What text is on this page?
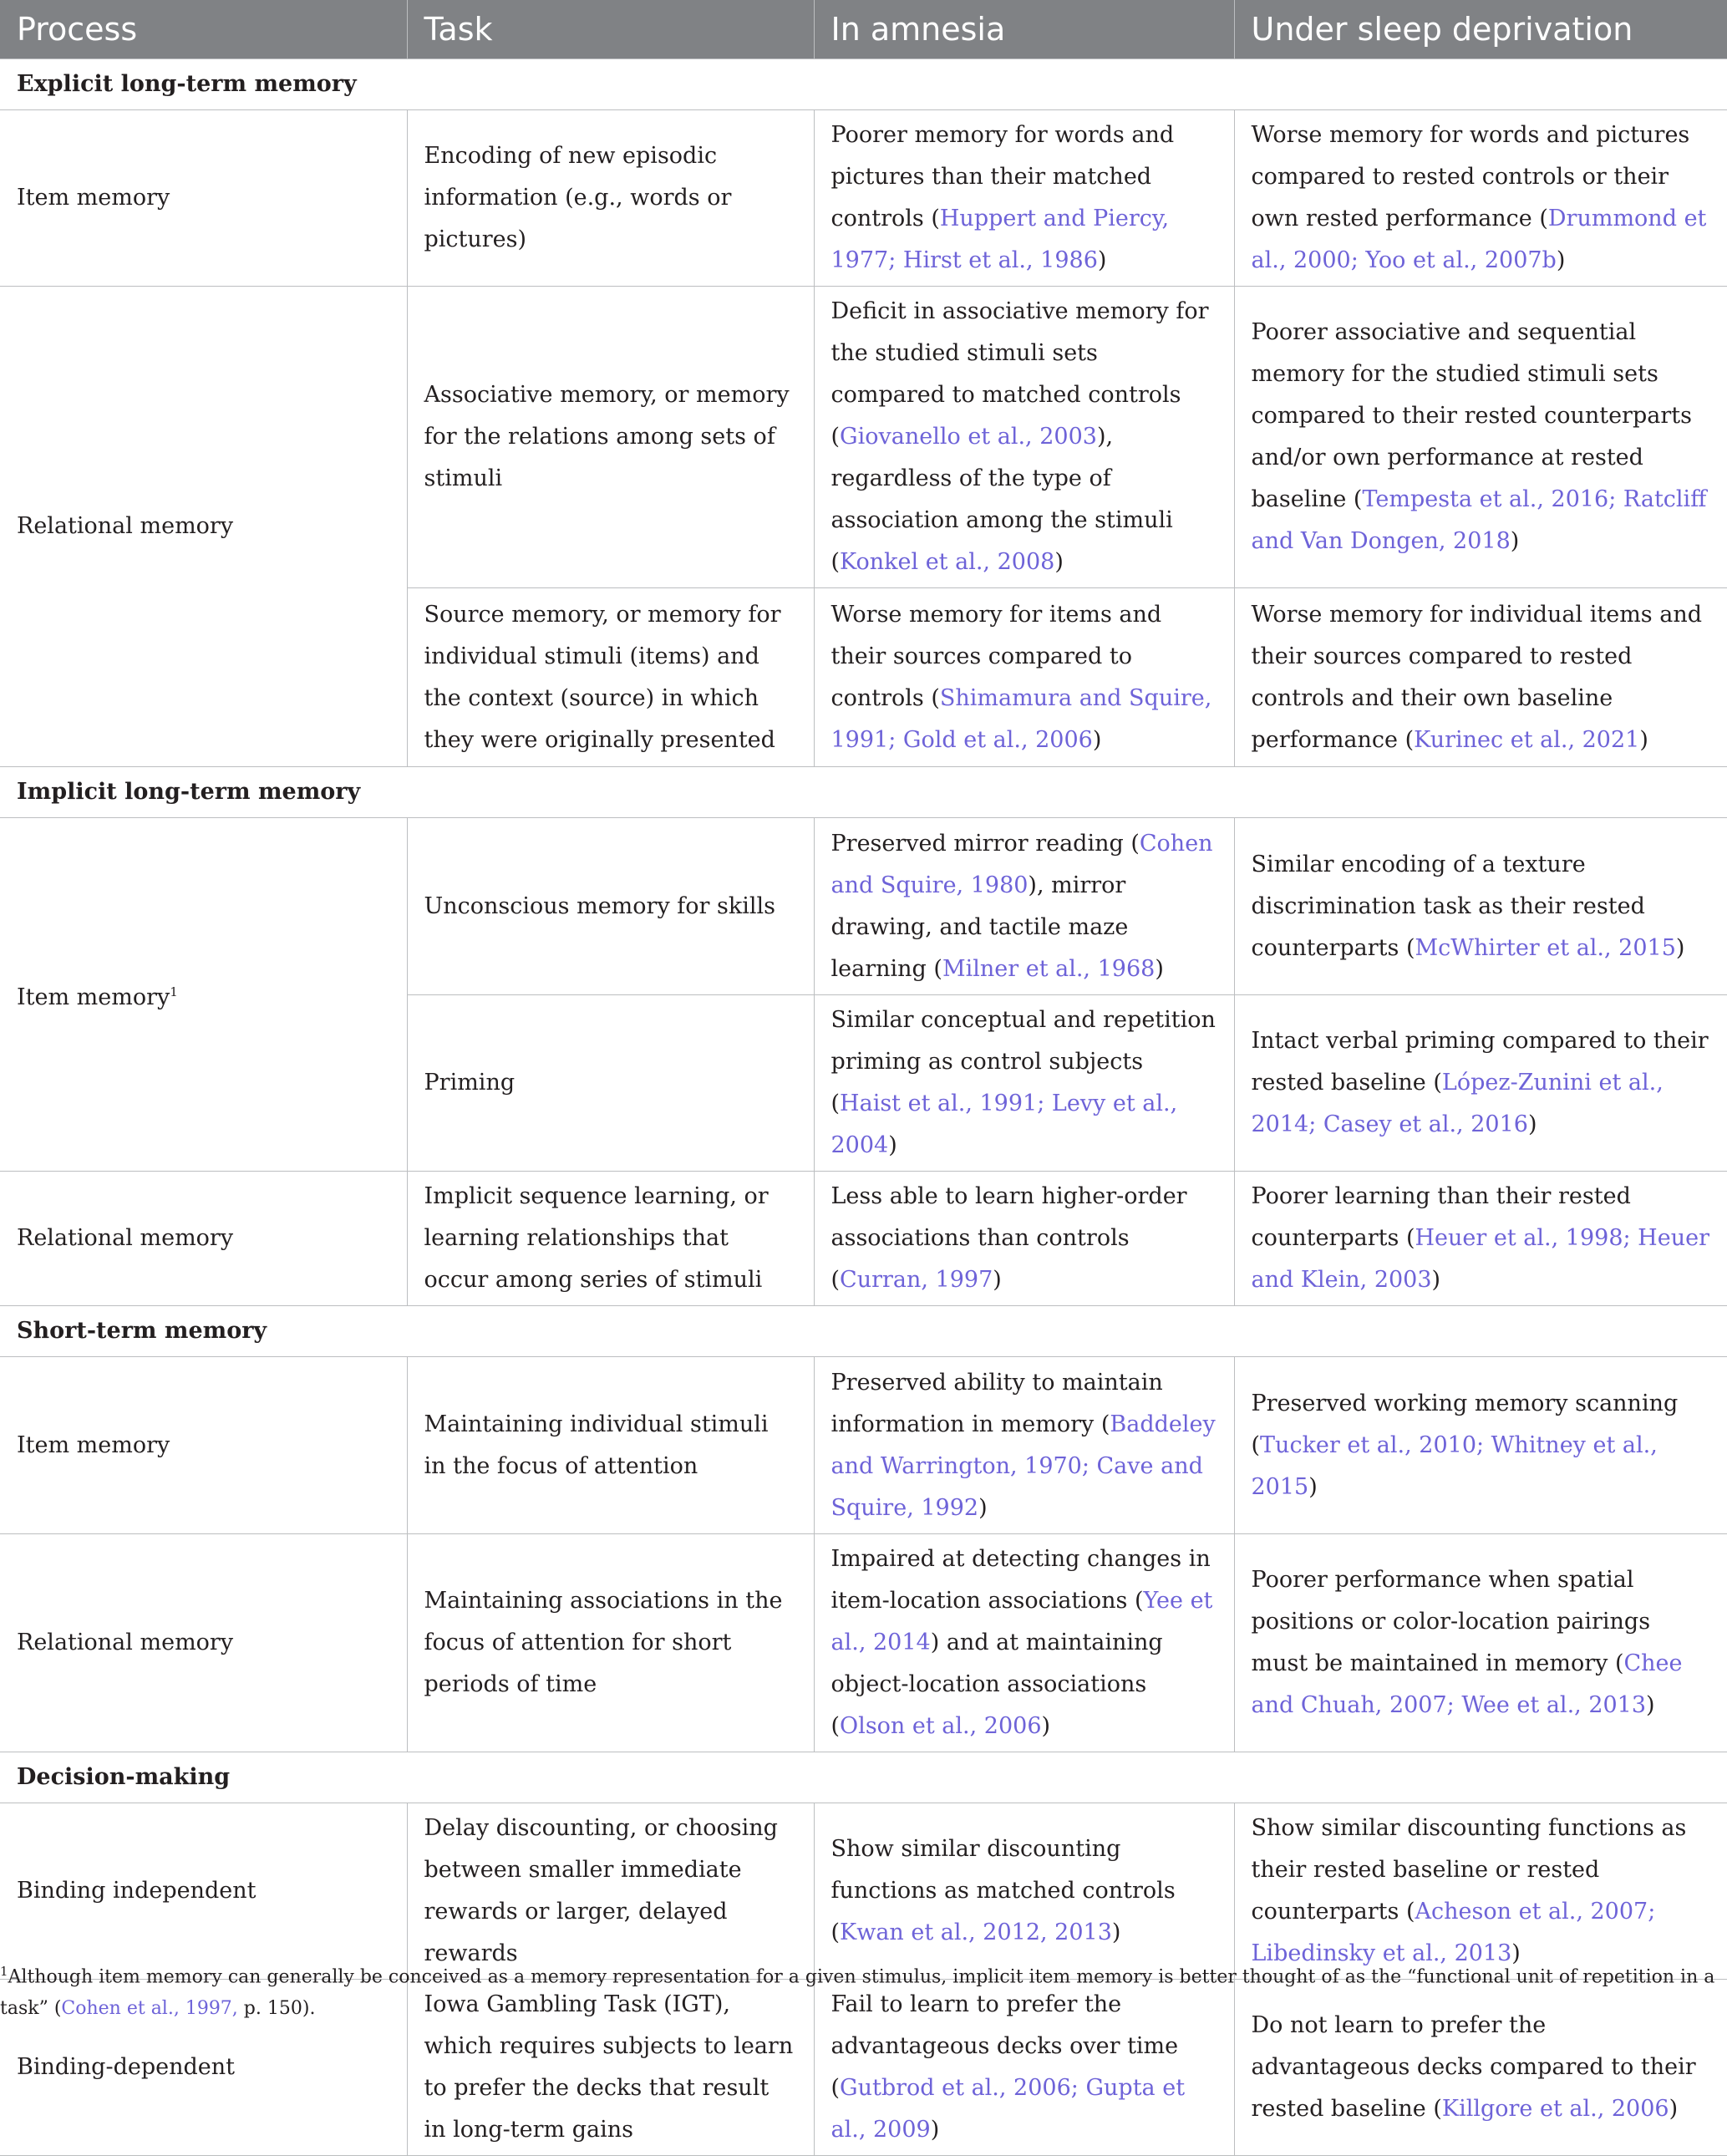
Process	Task	In amnesia	Under sleep deprivation
Explicit long-term memory			
Item memory	Encoding of new episodic information (e.g., words or pictures)	Poorer memory for words and pictures than their matched controls (Huppert and Piercy, 1977; Hirst et al., 1986)	Worse memory for words and pictures compared to rested controls or their own rested performance (Drummond et al., 2000; Yoo et al., 2007b)
Relational memory	Associative memory, or memory for the relations among sets of stimuli	Deficit in associative memory for the studied stimuli sets compared to matched controls (Giovanello et al., 2003), regardless of the type of association among the stimuli (Konkel et al., 2008)	Poorer associative and sequential memory for the studied stimuli sets compared to their rested counterparts and/or own performance at rested baseline (Tempesta et al., 2016; Ratcliff and Van Dongen, 2018)
	Source memory, or memory for individual stimuli (items) and the context (source) in which they were originally presented	Worse memory for items and their sources compared to controls (Shimamura and Squire, 1991; Gold et al., 2006)	Worse memory for individual items and their sources compared to rested controls and their own baseline performance (Kurinec et al., 2021)
Implicit long-term memory			
Item memory$^1$	Unconscious memory for skills	Preserved mirror reading (Cohen and Squire, 1980), mirror drawing, and tactile maze learning (Milner et al., 1968)	Similar encoding of a texture discrimination task as their rested counterparts (McWhirter et al., 2015)
	Priming	Similar conceptual and repetition priming as control subjects (Haist et al., 1991; Levy et al., 2004)	Intact verbal priming compared to their rested baseline (López-Zunini et al., 2014; Casey et al., 2016)
Relational memory	Implicit sequence learning, or learning relationships that occur among series of stimuli	Less able to learn higher-order associations than controls (Curran, 1997)	Poorer learning than their rested counterparts (Heuer et al., 1998; Heuer and Klein, 2003)
Short-term memory			
Item memory	Maintaining individual stimuli in the focus of attention	Preserved ability to maintain information in memory (Baddeley and Warrington, 1970; Cave and Squire, 1992)	Preserved working memory scanning (Tucker et al., 2010; Whitney et al., 2015)
Relational memory	Maintaining associations in the focus of attention for short periods of time	Impaired at detecting changes in item-location associations (Yee et al., 2014) and at maintaining object-location associations (Olson et al., 2006)	Poorer performance when spatial positions or color-location pairings must be maintained in memory (Chee and Chuah, 2007; Wee et al., 2013)
Decision-making			
Binding independent	Delay discounting, or choosing between smaller immediate rewards or larger, delayed rewards	Show similar discounting functions as matched controls (Kwan et al., 2012, 2013)	Show similar discounting functions as their rested baseline or rested counterparts (Acheson et al., 2007; Libedinsky et al., 2013)
Binding-dependent	Iowa Gambling Task (IGT), which requires subjects to learn to prefer the decks that result in long-term gains	Fail to learn to prefer the advantageous decks over time (Gutbrod et al., 2006; Gupta et al., 2009)	Do not learn to prefer the advantageous decks compared to their rested baseline (Killgore et al., 2006)
$^1$Although item memory can generally be conceived as a memory representation for a given stimulus, implicit item memory is better thought of as the “functional unit of repetition in a task” (Cohen et al., 1997, p. 150).
